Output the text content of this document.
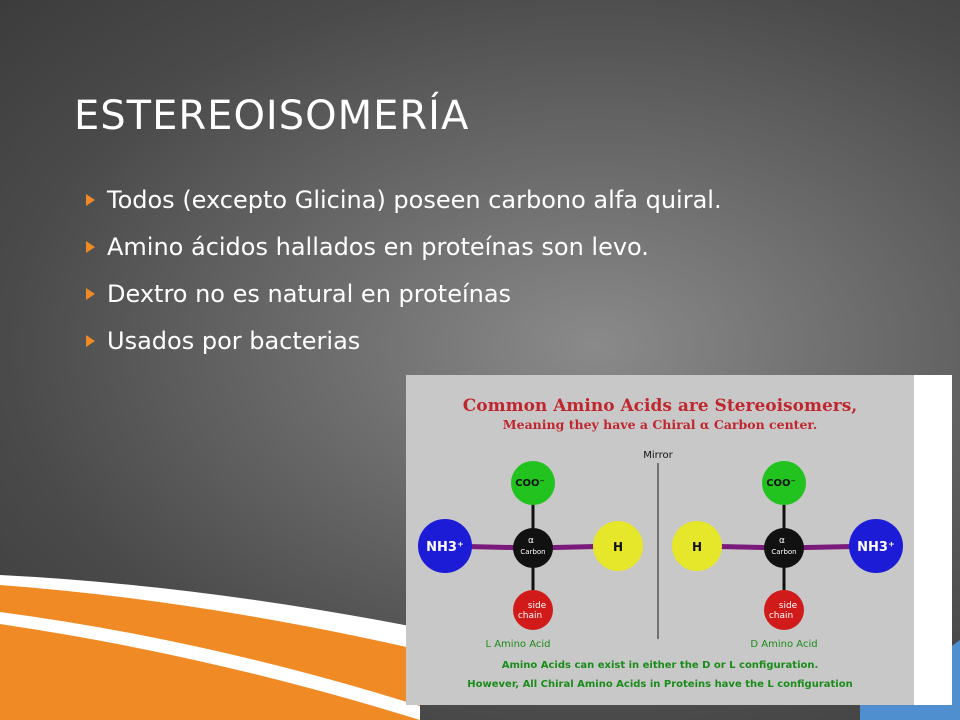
ESTEREOISOMERÍA
Todos (excepto Glicina) poseen carbono alfa quiral.
Amino ácidos hallados en proteínas son levo.
Dextro no es natural en proteínas
Usados por bacterias
Common Amino Acids are Stereoisomers,
Meaning they have a Chiral α Carbon center.
Mirror
COO⁻
NH3⁺	H
α
Carbon
side
chain
L Amino Acid
COO⁻
H	NH3⁺
α
Carbon
side
chain
D Amino Acid
Amino Acids can exist in either the D or L configuration.
However, All Chiral Amino Acids in Proteins have the L configuration
